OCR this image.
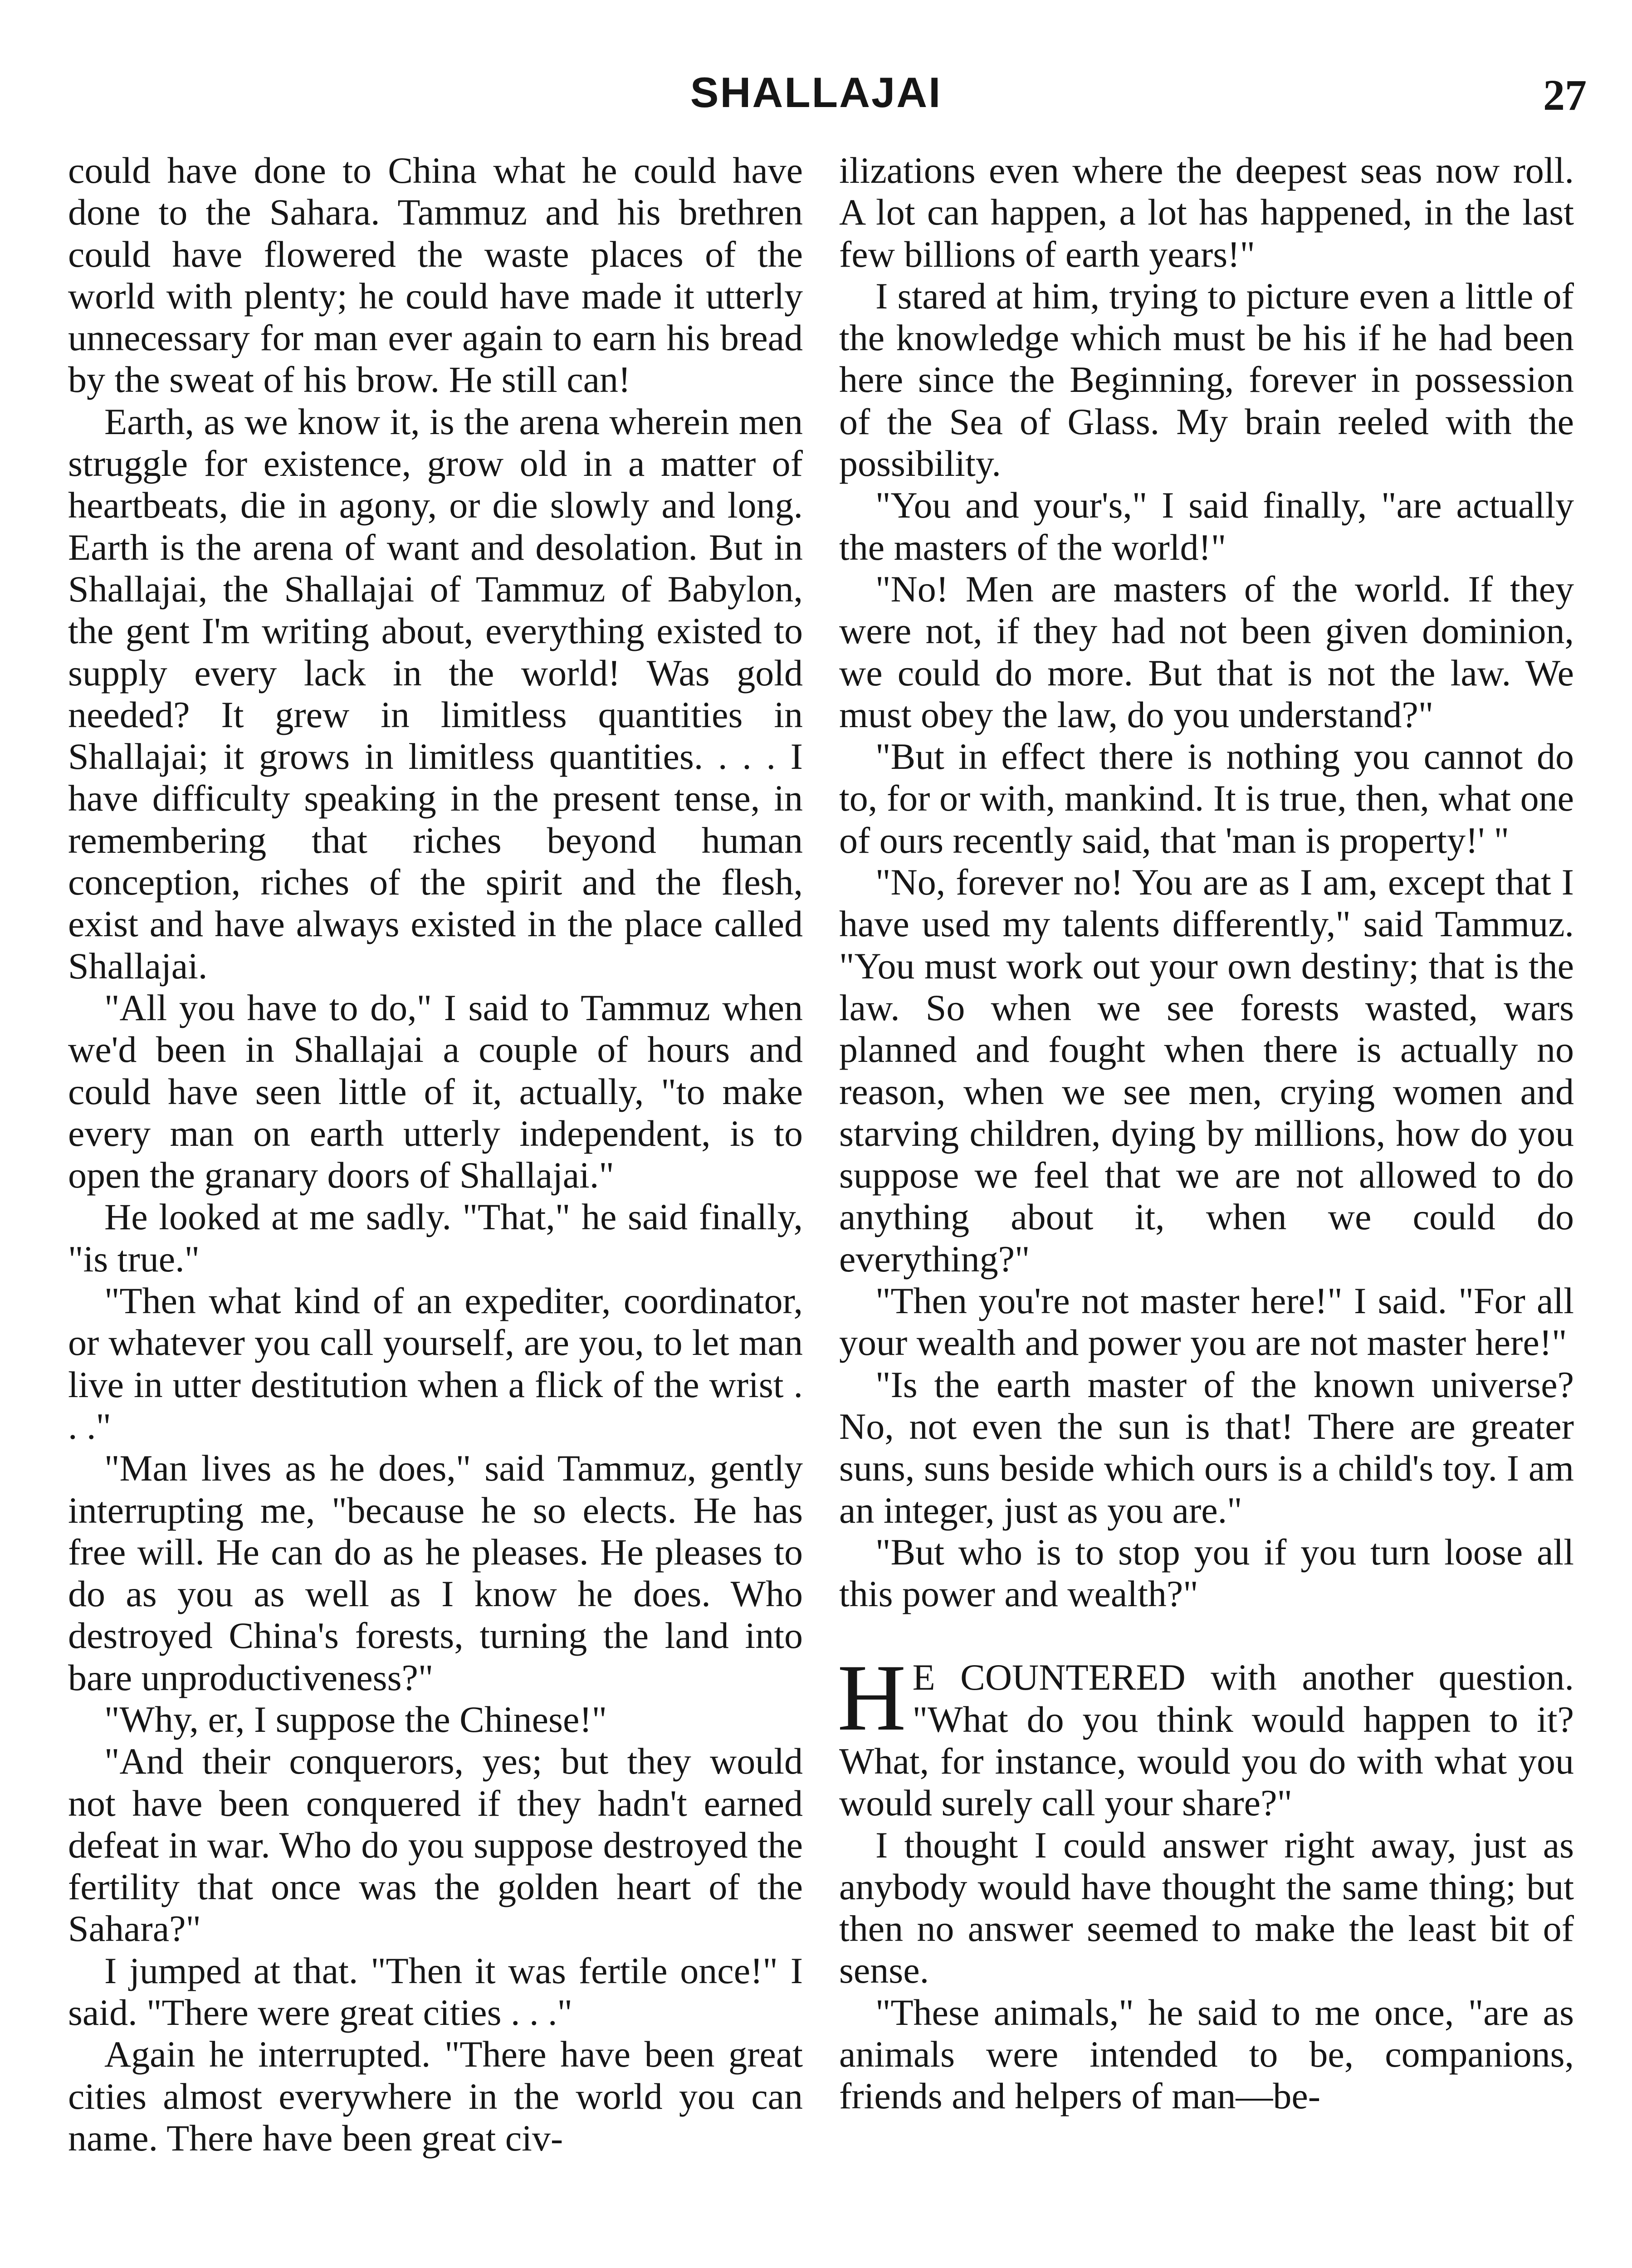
SHALLAJAI	27

could have done to China what he could have done to the Sahara. Tammuz and his brethren could have flowered the waste places of the world with plenty; he could have made it utterly unnecessary for man ever again to earn his bread by the sweat of his brow. He still can!

Earth, as we know it, is the arena wherein men struggle for existence, grow old in a matter of heartbeats, die in agony, or die slowly and long. Earth is the arena of want and desolation. But in Shallajai, the Shallajai of Tammuz of Babylon, the gent I'm writing about, everything existed to supply every lack in the world! Was gold needed? It grew in limitless quantities in Shallajai; it grows in limitless quantities. . . . I have difficulty speaking in the present tense, in remembering that riches beyond human conception, riches of the spirit and the flesh, exist and have always existed in the place called Shallajai.

"All you have to do," I said to Tammuz when we'd been in Shallajai a couple of hours and could have seen little of it, actually, "to make every man on earth utterly independent, is to open the granary doors of Shallajai."

He looked at me sadly. "That," he said finally, "is true."

"Then what kind of an expediter, coordinator, or whatever you call yourself, are you, to let man live in utter destitution when a flick of the wrist . . ."

"Man lives as he does," said Tammuz, gently interrupting me, "because he so elects. He has free will. He can do as he pleases. He pleases to do as you as well as I know he does. Who destroyed China's forests, turning the land into bare unproductiveness?"

"Why, er, I suppose the Chinese!"

"And their conquerors, yes; but they would not have been conquered if they hadn't earned defeat in war. Who do you suppose destroyed the fertility that once was the golden heart of the Sahara?"

I jumped at that. "Then it was fertile once!" I said. "There were great cities . . ."

Again he interrupted. "There have been great cities almost everywhere in the world you can name. There have been great civ-

ilizations even where the deepest seas now roll. A lot can happen, a lot has happened, in the last few billions of earth years!"

I stared at him, trying to picture even a little of the knowledge which must be his if he had been here since the Beginning, forever in possession of the Sea of Glass. My brain reeled with the possibility.

"You and your's," I said finally, "are actually the masters of the world!"

"No! Men are masters of the world. If they were not, if they had not been given dominion, we could do more. But that is not the law. We must obey the law, do you understand?"

"But in effect there is nothing you cannot do to, for or with, mankind. It is true, then, what one of ours recently said, that 'man is property!' "

"No, forever no! You are as I am, except that I have used my talents differently," said Tammuz. "You must work out your own destiny; that is the law. So when we see forests wasted, wars planned and fought when there is actually no reason, when we see men, crying women and starving children, dying by millions, how do you suppose we feel that we are not allowed to do anything about it, when we could do everything?"

"Then you're not master here!" I said. "For all your wealth and power you are not master here!"

"Is the earth master of the known universe? No, not even the sun is that! There are greater suns, suns beside which ours is a child's toy. I am an integer, just as you are."

"But who is to stop you if you turn loose all this power and wealth?"

H E COUNTERED with another question. "What do you think would happen to it? What, for instance, would you do with what you would surely call your share?"

I thought I could answer right away, just as anybody would have thought the same thing; but then no answer seemed to make the least bit of sense.

"These animals," he said to me once, "are as animals were intended to be, companions, friends and helpers of man—be-
